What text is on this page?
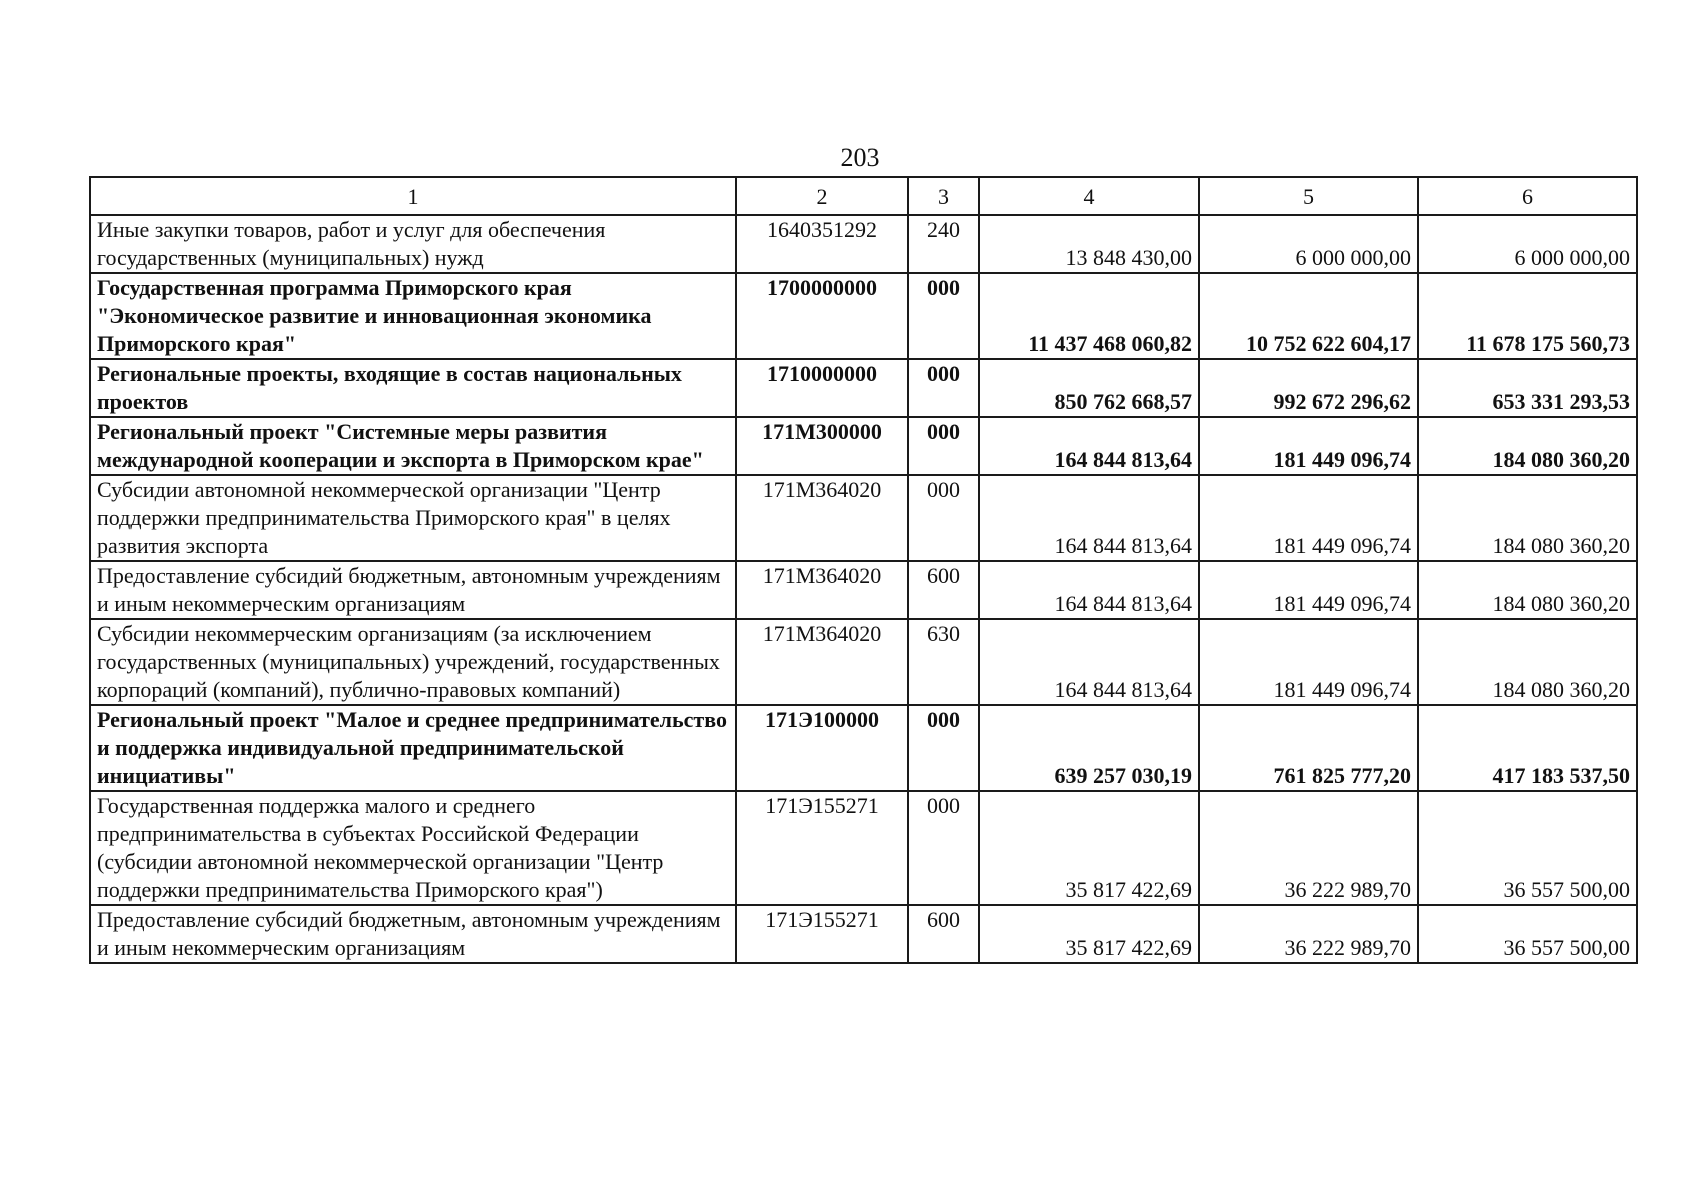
203
1	2	3	4	5	6
Иные закупки товаров, работ и услуг для обеспечения государственных (муниципальных) нужд	1640351292	240	13 848 430,00	6 000 000,00	6 000 000,00
Государственная программа Приморского края "Экономическое развитие и инновационная экономика Приморского края"	1700000000	000	11 437 468 060,82	10 752 622 604,17	11 678 175 560,73
Региональные проекты, входящие в состав национальных проектов	1710000000	000	850 762 668,57	992 672 296,62	653 331 293,53
Региональный проект "Системные меры развития международной кооперации и экспорта в Приморском крае"	171M300000	000	164 844 813,64	181 449 096,74	184 080 360,20
Субсидии автономной некоммерческой организации "Центр поддержки предпринимательства Приморского края" в целях развития экспорта	171M364020	000	164 844 813,64	181 449 096,74	184 080 360,20
Предоставление субсидий бюджетным, автономным учреждениям и иным некоммерческим организациям	171M364020	600	164 844 813,64	181 449 096,74	184 080 360,20
Субсидии некоммерческим организациям (за исключением государственных (муниципальных) учреждений, государственных корпораций (компаний), публично-правовых компаний)	171M364020	630	164 844 813,64	181 449 096,74	184 080 360,20
Региональный проект "Малое и среднее предпринимательство и поддержка индивидуальной предпринимательской инициативы"	171Э100000	000	639 257 030,19	761 825 777,20	417 183 537,50
Государственная поддержка малого и среднего предпринимательства в субъектах Российской Федерации (субсидии автономной некоммерческой организации "Центр поддержки предпринимательства Приморского края")	171Э155271	000	35 817 422,69	36 222 989,70	36 557 500,00
Предоставление субсидий бюджетным, автономным учреждениям и иным некоммерческим организациям	171Э155271	600	35 817 422,69	36 222 989,70	36 557 500,00
